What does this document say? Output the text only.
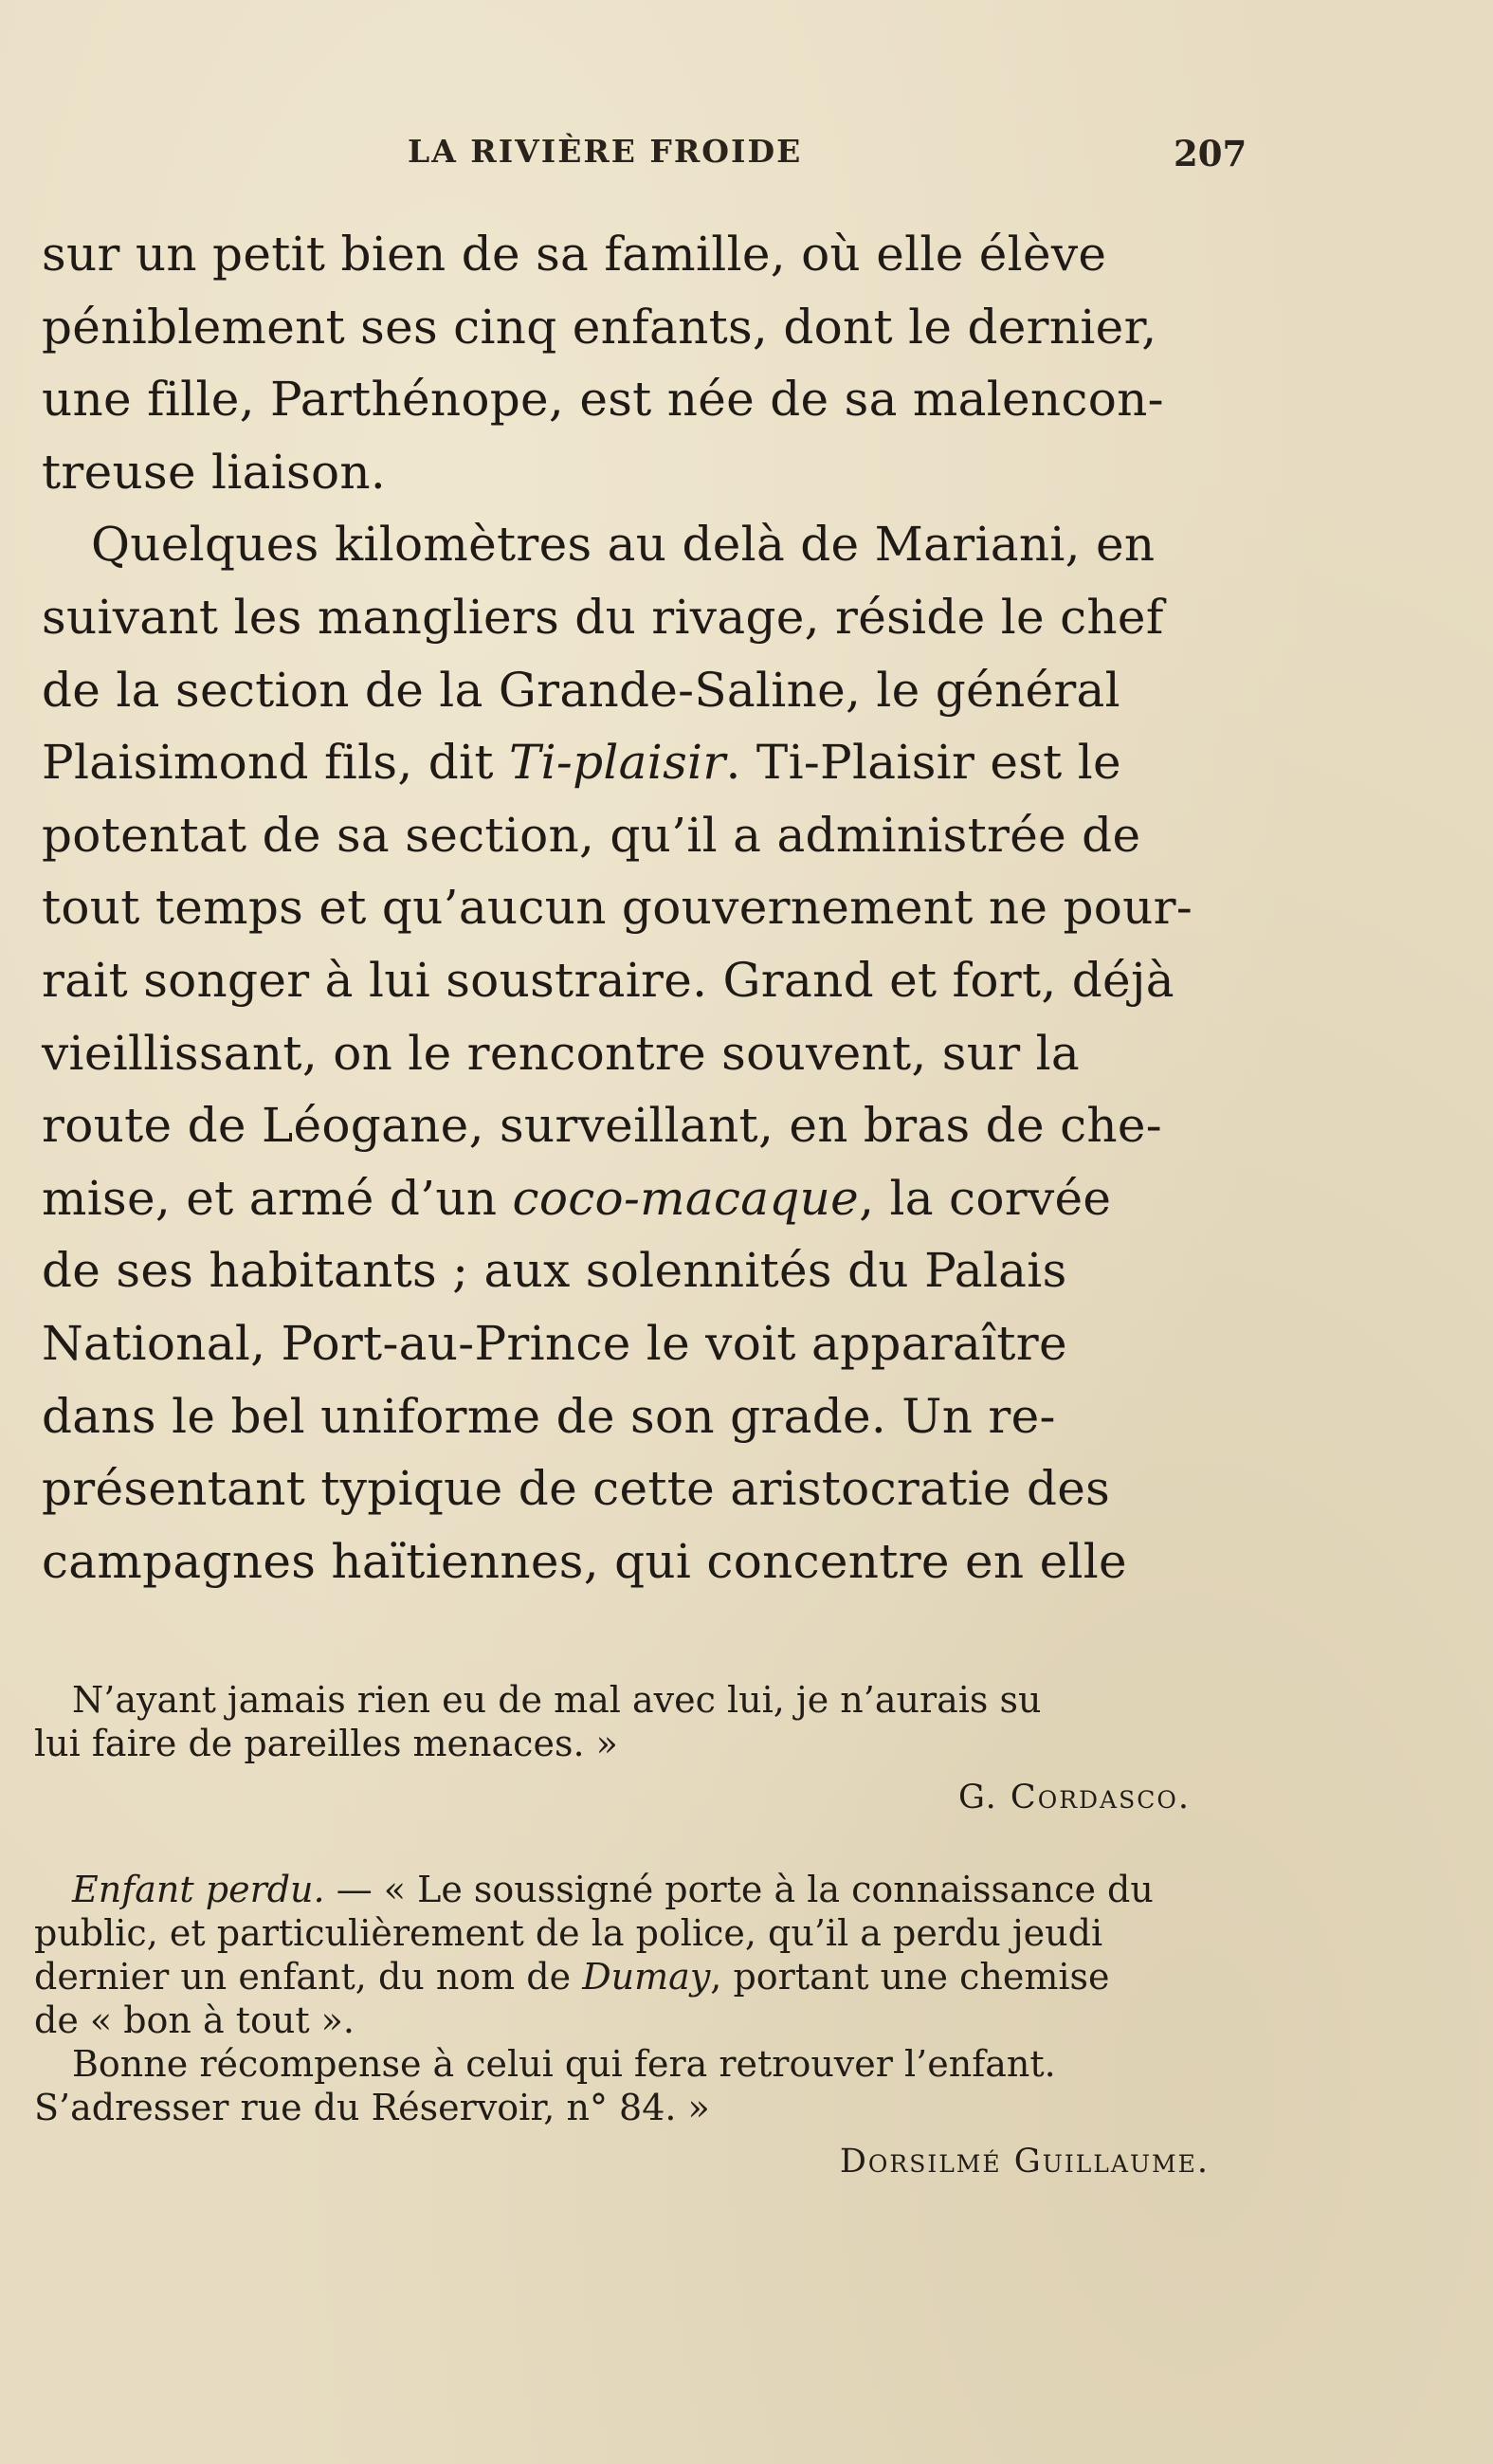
LA RIVIÈRE FROIDE	207
sur un petit bien de sa famille, où elle élève
péniblement ses cinq enfants, dont le dernier,
une fille, Parthénope, est née de sa malencon-
treuse liaison.
Quelques kilomètres au delà de Mariani, en
suivant les mangliers du rivage, réside le chef
de la section de la Grande-Saline, le général
Plaisimond fils, dit Ti-plaisir. Ti-Plaisir est le
potentat de sa section, qu’il a administrée de
tout temps et qu’aucun gouvernement ne pour-
rait songer à lui soustraire. Grand et fort, déjà
vieillissant, on le rencontre souvent, sur la
route de Léogane, surveillant, en bras de che-
mise, et armé d’un coco-macaque, la corvée
de ses habitants ; aux solennités du Palais
National, Port-au-Prince le voit apparaître
dans le bel uniforme de son grade. Un re-
présentant typique de cette aristocratie des
campagnes haïtiennes, qui concentre en elle
N’ayant jamais rien eu de mal avec lui, je n’aurais su
lui faire de pareilles menaces. »
G. Cordasco.
Enfant perdu. — « Le soussigné porte à la connaissance du
public, et particulièrement de la police, qu’il a perdu jeudi
dernier un enfant, du nom de Dumay, portant une chemise
de « bon à tout ».
Bonne récompense à celui qui fera retrouver l’enfant.
S’adresser rue du Réservoir, n° 84. »
Dorsilmé Guillaume.
